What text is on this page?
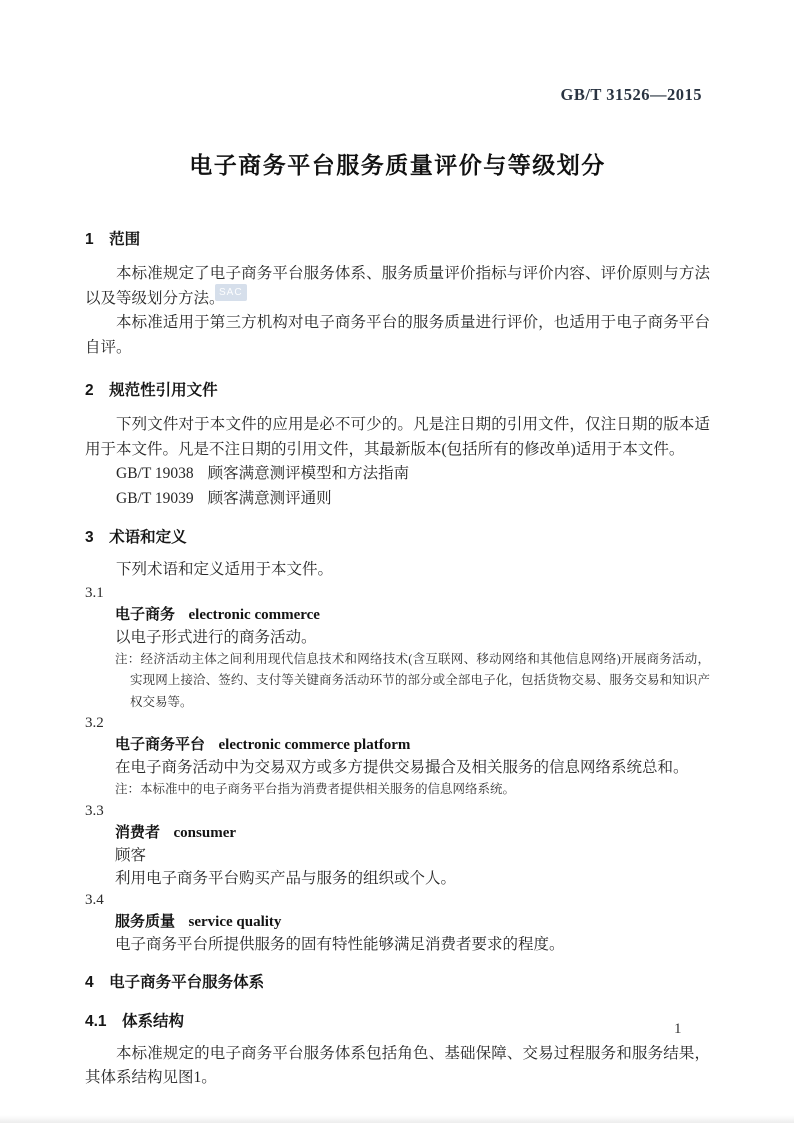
SAC
GB/T 31526—2015
电子商务平台服务质量评价与等级划分
1　范围

本标准规定了电子商务平台服务体系、服务质量评价指标与评价内容、评价原则与方法以及等级划分方法。

本标准适用于第三方机构对电子商务平台的服务质量进行评价，也适用于电子商务平台自评。

2　规范性引用文件

下列文件对于本文件的应用是必不可少的。凡是注日期的引用文件，仅注日期的版本适用于本文件。凡是不注日期的引用文件，其最新版本(包括所有的修改单)适用于本文件。

GB/T 19038 顾客满意测评模型和方法指南
GB/T 19039 顾客满意测评通则
3　术语和定义

下列术语和定义适用于本文件。

3.1
电子商务 electronic commerce
以电子形式进行的商务活动。
注：经济活动主体之间利用现代信息技术和网络技术(含互联网、移动网络和其他信息网络)开展商务活动，实现网上接洽、签约、支付等关键商务活动环节的部分或全部电子化，包括货物交易、服务交易和知识产权交易等。
3.2
电子商务平台 electronic commerce platform
在电子商务活动中为交易双方或多方提供交易撮合及相关服务的信息网络系统总和。
注：本标准中的电子商务平台指为消费者提供相关服务的信息网络系统。
3.3
消费者 consumer
顾客
利用电子商务平台购买产品与服务的组织或个人。
3.4
服务质量 service quality
电子商务平台所提供服务的固有特性能够满足消费者要求的程度。
4　电子商务平台服务体系
4.1　体系结构

本标准规定的电子商务平台服务体系包括角色、基础保障、交易过程服务和服务结果，其体系结构见图1。

1
